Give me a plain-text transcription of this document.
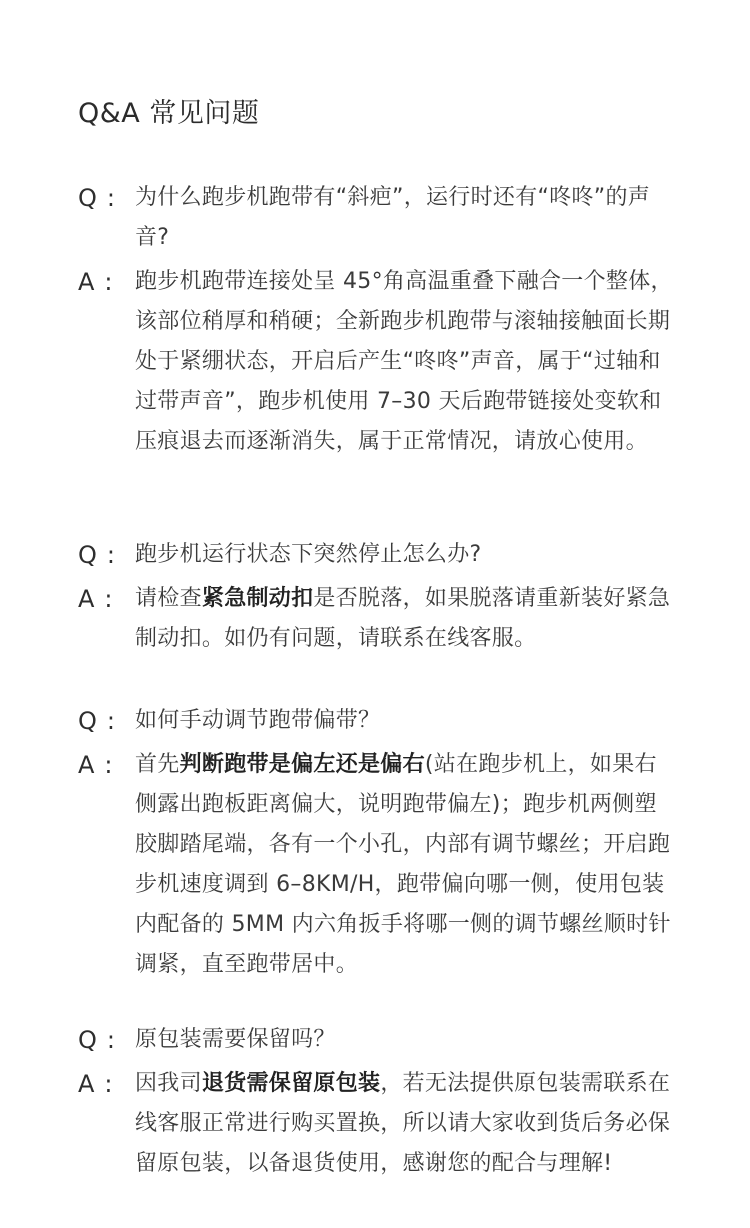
Q&A 常见问题
Q : 为什么跑步机跑带有“斜疤”，运行时还有“咚咚”的声音?
A : 跑步机跑带连接处呈 45°角高温重叠下融合一个整体，该部位稍厚和稍硬；全新跑步机跑带与滚轴接触面长期处于紧绷状态，开启后产生“咚咚”声音，属于“过轴和过带声音”，跑步机使用 7–30 天后跑带链接处变软和压痕退去而逐渐消失，属于正常情况，请放心使用。
Q : 跑步机运行状态下突然停止怎么办?
A : 请检查紧急制动扣是否脱落，如果脱落请重新装好紧急制动扣。如仍有问题，请联系在线客服。
Q : 如何手动调节跑带偏带？
A : 首先判断跑带是偏左还是偏右(站在跑步机上，如果右侧露出跑板距离偏大，说明跑带偏左)；跑步机两侧塑胶脚踏尾端，各有一个小孔，内部有调节螺丝；开启跑步机速度调到 6–8KM/H，跑带偏向哪一侧，使用包装内配备的 5MM 内六角扳手将哪一侧的调节螺丝顺时针调紧，直至跑带居中。
Q : 原包装需要保留吗？
A : 因我司退货需保留原包装，若无法提供原包装需联系在线客服正常进行购买置换，所以请大家收到货后务必保留原包装，以备退货使用，感谢您的配合与理解!
